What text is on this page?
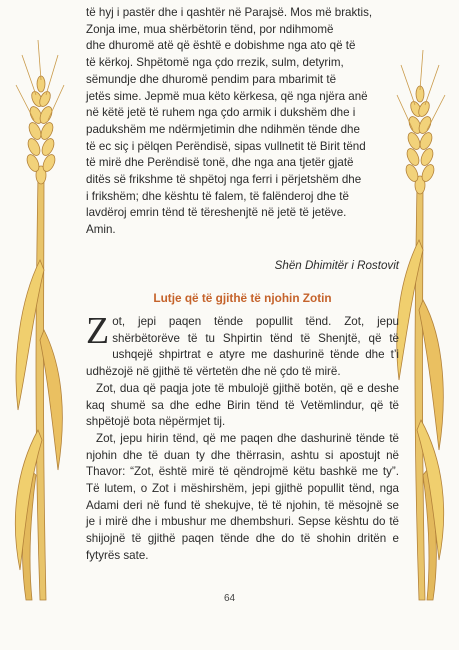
të hyj i pastër dhe i qashtër në Parajsë. Mos më braktis,
Zonja ime, mua shërbëtorin tënd, por ndihmomë
dhe dhuromë atë që është e dobishme nga ato që të
të kërkoj. Shpëtomë nga çdo rrezik, sulm, detyrim,
sëmundje dhe dhuromë pendim para mbarimit të
jetës sime. Jepmë mua këto kërkesa, që nga njëra anë
në këtë jetë të ruhem nga çdo armik i dukshëm dhe i
padukshëm me ndërmjetimin dhe ndihmën tënde dhe
të ec siç i pëlqen Perëndisë, sipas vullnetit të Birit tënd
të mirë dhe Perëndisë tonë, dhe nga ana tjetër gjatë
ditës së frikshme të shpëtoj nga ferri i përjetshëm dhe
i frikshëm; dhe kështu të falem, të falënderoj dhe të
lavdëroj emrin tënd të tëreshenjtë në jetë të jetëve.
Amin.
Shën Dhimitër i Rostovit
Lutje që të gjithë të njohin Zotin

Zot, jepi paqen tënde popullit tënd. Zot, jepu shërbëtorëve të tu Shpirtin tënd të Shenjtë, që të ushqejë shpirtrat e atyre me dashurinë tënde dhe t’i udhëzojë në gjithë të vërtetën dhe në çdo të mirë.

Zot, dua që paqja jote të mbulojë gjithë botën, që e deshe kaq shumë sa dhe edhe Birin tënd të Vetëmlindur, që të shpëtojë bota nëpërmjet tij.

Zot, jepu hirin tënd, që me paqen dhe dashurinë tënde të njohin dhe të duan ty dhe thërrasin, ashtu si apostujt në Thavor: “Zot, është mirë të qëndrojmë këtu bashkë me ty”. Të lutem, o Zot i mëshirshëm, jepi gjithë popullit tënd, nga Adami deri në fund të shekujve, të të njohin, të mësojnë se je i mirë dhe i mbushur me dhembshuri. Sepse kështu do të shijojnë të gjithë paqen tënde dhe do të shohin dritën e fytyrës sate.

64
